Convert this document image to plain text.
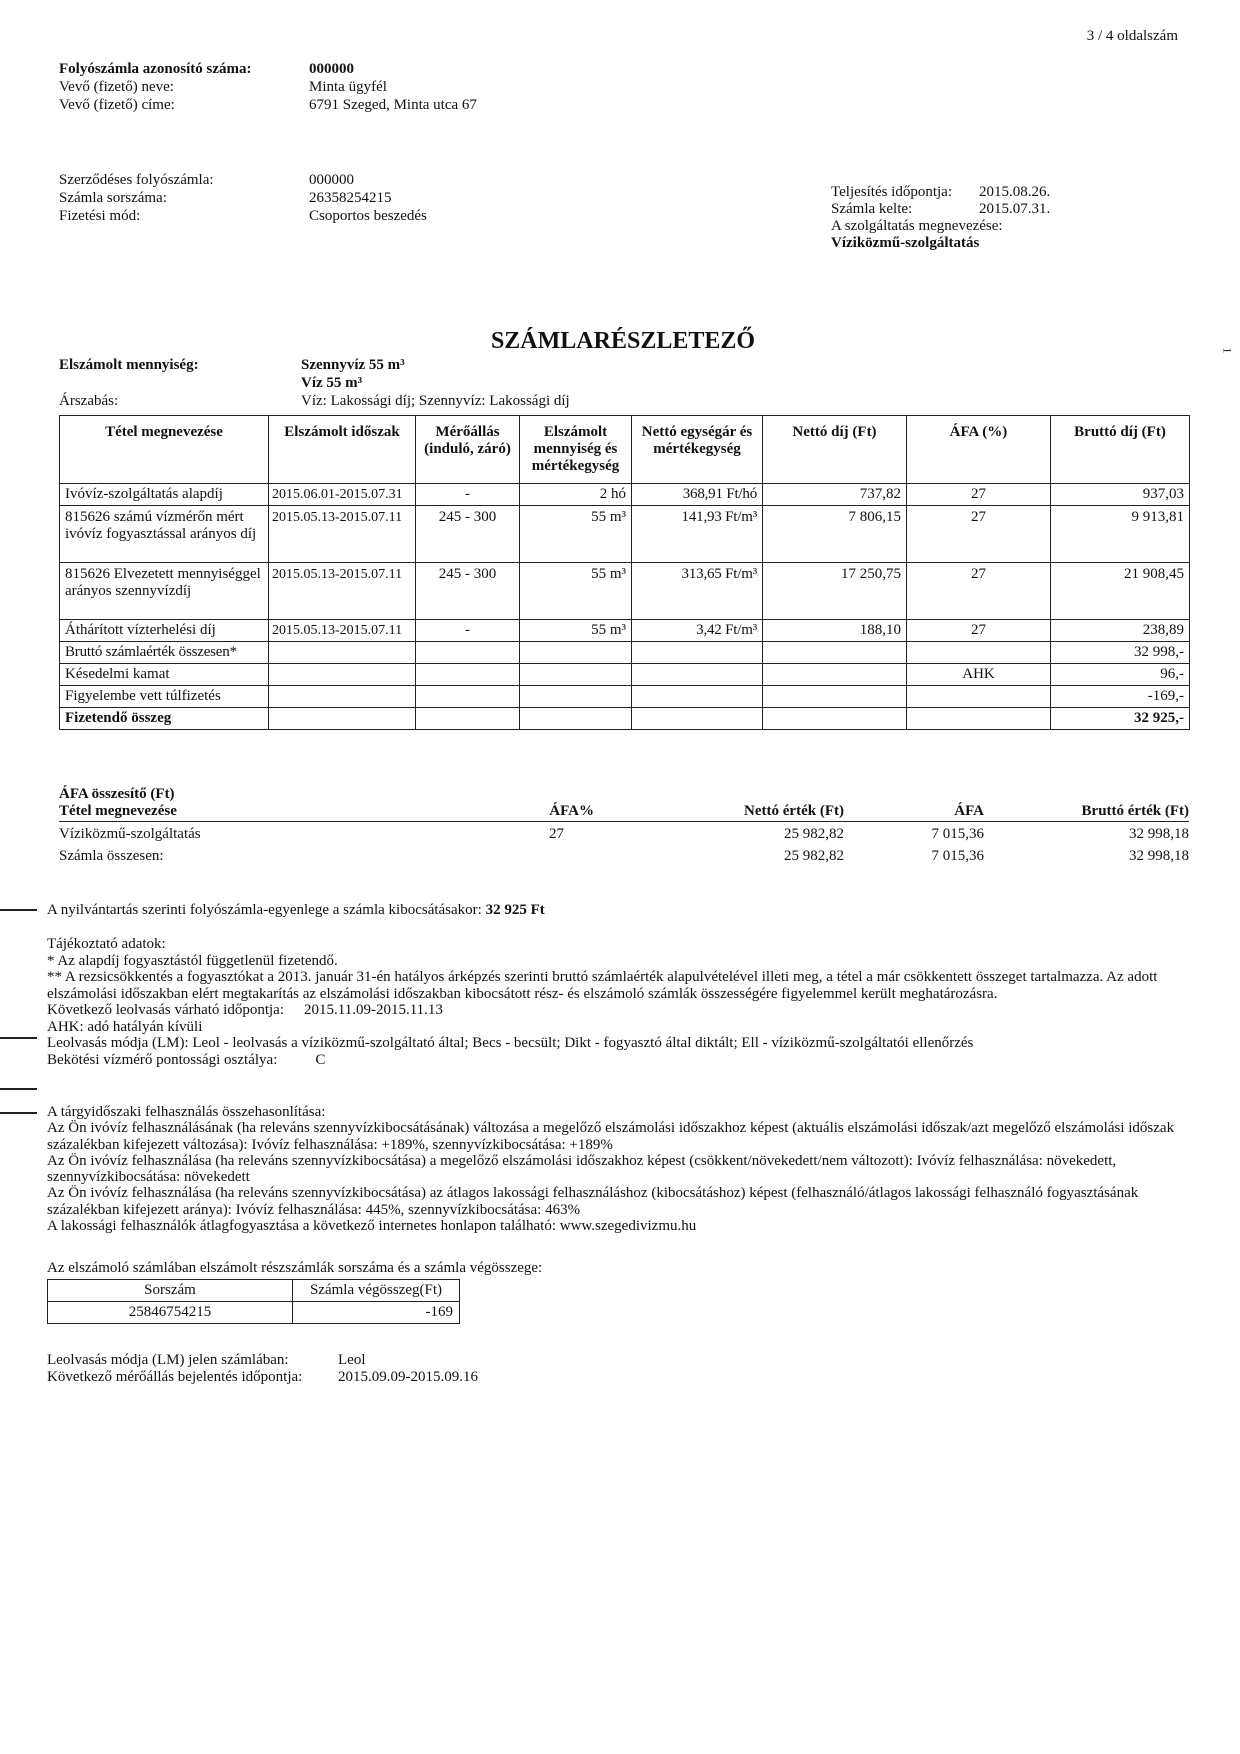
3 / 4 oldalszám
1
Folyószámla azonosító száma:	000000
Vevő (fizető) neve:	Minta ügyfél
Vevő (fizető) címe:	6791 Szeged, Minta utca 67
Szerződéses folyószámla:	000000
Számla sorszáma:	26358254215
Fizetési mód:	Csoportos beszedés
Teljesítés időpontja: 2015.08.26.
Számla kelte:	2015.07.31.
A szolgáltatás megnevezése:
Víziközmű-szolgáltatás
SZÁMLARÉSZLETEZŐ
Elszámolt mennyiség:	Szennyvíz 55 m³
Víz 55 m³
Árszabás:	Víz: Lakossági díj; Szennyvíz: Lakossági díj
Tétel megnevezése	Elszámolt időszak	Mérőállás (induló, záró)	Elszámolt mennyiség és mértékegység	Nettó egységár és mértékegység	Nettó díj (Ft)	ÁFA (%)	Bruttó díj (Ft)
Ivóvíz-szolgáltatás alapdíj	2015.06.01-2015.07.31	-	2 hó	368,91 Ft/hó	737,82	27	937,03
815626 számú vízmérőn mért ivóvíz fogyasztással arányos díj	2015.05.13-2015.07.11	245 - 300	55 m³	141,93 Ft/m³	7 806,15	27	9 913,81
815626 Elvezetett mennyiséggel arányos szennyvízdíj	2015.05.13-2015.07.11	245 - 300	55 m³	313,65 Ft/m³	17 250,75	27	21 908,45
Áthárított vízterhelési díj	2015.05.13-2015.07.11	-	55 m³	3,42 Ft/m³	188,10	27	238,89
Bruttó számlaérték összesen*							32 998,-
Késedelmi kamat						AHK	96,-
Figyelembe vett túlfizetés							-169,-
Fizetendő összeg							32 925,-
ÁFA összesítő (Ft)
Tétel megnevezése	ÁFA%	Nettó érték (Ft)	ÁFA	Bruttó érték (Ft)
Víziközmű-szolgáltatás	27	25 982,82	7 015,36	32 998,18
Számla összesen:		25 982,82	7 015,36	32 998,18
A nyilvántartás szerinti folyószámla-egyenlege a számla kibocsátásakor: 32 925 Ft
Tájékoztató adatok:
* Az alapdíj fogyasztástól függetlenül fizetendő.
** A rezsicsökkentés a fogyasztókat a 2013. január 31-én hatályos árképzés szerinti bruttó számlaérték alapulvételével illeti meg, a tétel a már csökkentett összeget tartalmazza. Az adott elszámolási időszakban elért megtakarítás az elszámolási időszakban kibocsátott rész- és elszámoló számlák összességére figyelemmel került meghatározásra.
Következő leolvasás várható időpontja: 2015.11.09-2015.11.13
AHK: adó hatályán kívüli
Leolvasás módja (LM): Leol - leolvasás a víziközmű-szolgáltató által; Becs - becsült; Dikt - fogyasztó által diktált; Ell - víziközmű-szolgáltatói ellenőrzés
Bekötési vízmérő pontossági osztálya:	C
A tárgyidőszaki felhasználás összehasonlítása:
Az Ön ivóvíz felhasználásának (ha releváns szennyvízkibocsátásának) változása a megelőző elszámolási időszakhoz képest (aktuális elszámolási időszak/azt megelőző elszámolási időszak százalékban kifejezett változása): Ivóvíz felhasználása: +189%, szennyvízkibocsátása: +189%
Az Ön ivóvíz felhasználása (ha releváns szennyvízkibocsátása) a megelőző elszámolási időszakhoz képest (csökkent/növekedett/nem változott): Ivóvíz felhasználása: növekedett, szennyvízkibocsátása: növekedett
Az Ön ivóvíz felhasználása (ha releváns szennyvízkibocsátása) az átlagos lakossági felhasználáshoz (kibocsátáshoz) képest (felhasználó/átlagos lakossági felhasználó fogyasztásának százalékban kifejezett aránya): Ivóvíz felhasználása: 445%, szennyvízkibocsátása: 463%
A lakossági felhasználók átlagfogyasztása a következő internetes honlapon található: www.szegedivizmu.hu
Az elszámoló számlában elszámolt részszámlák sorszáma és a számla végösszege:
Sorszám	Számla végösszeg(Ft)
25846754215	-169
Leolvasás módja (LM) jelen számlában:	Leol
Következő mérőállás bejelentés időpontja: 2015.09.09-2015.09.16
